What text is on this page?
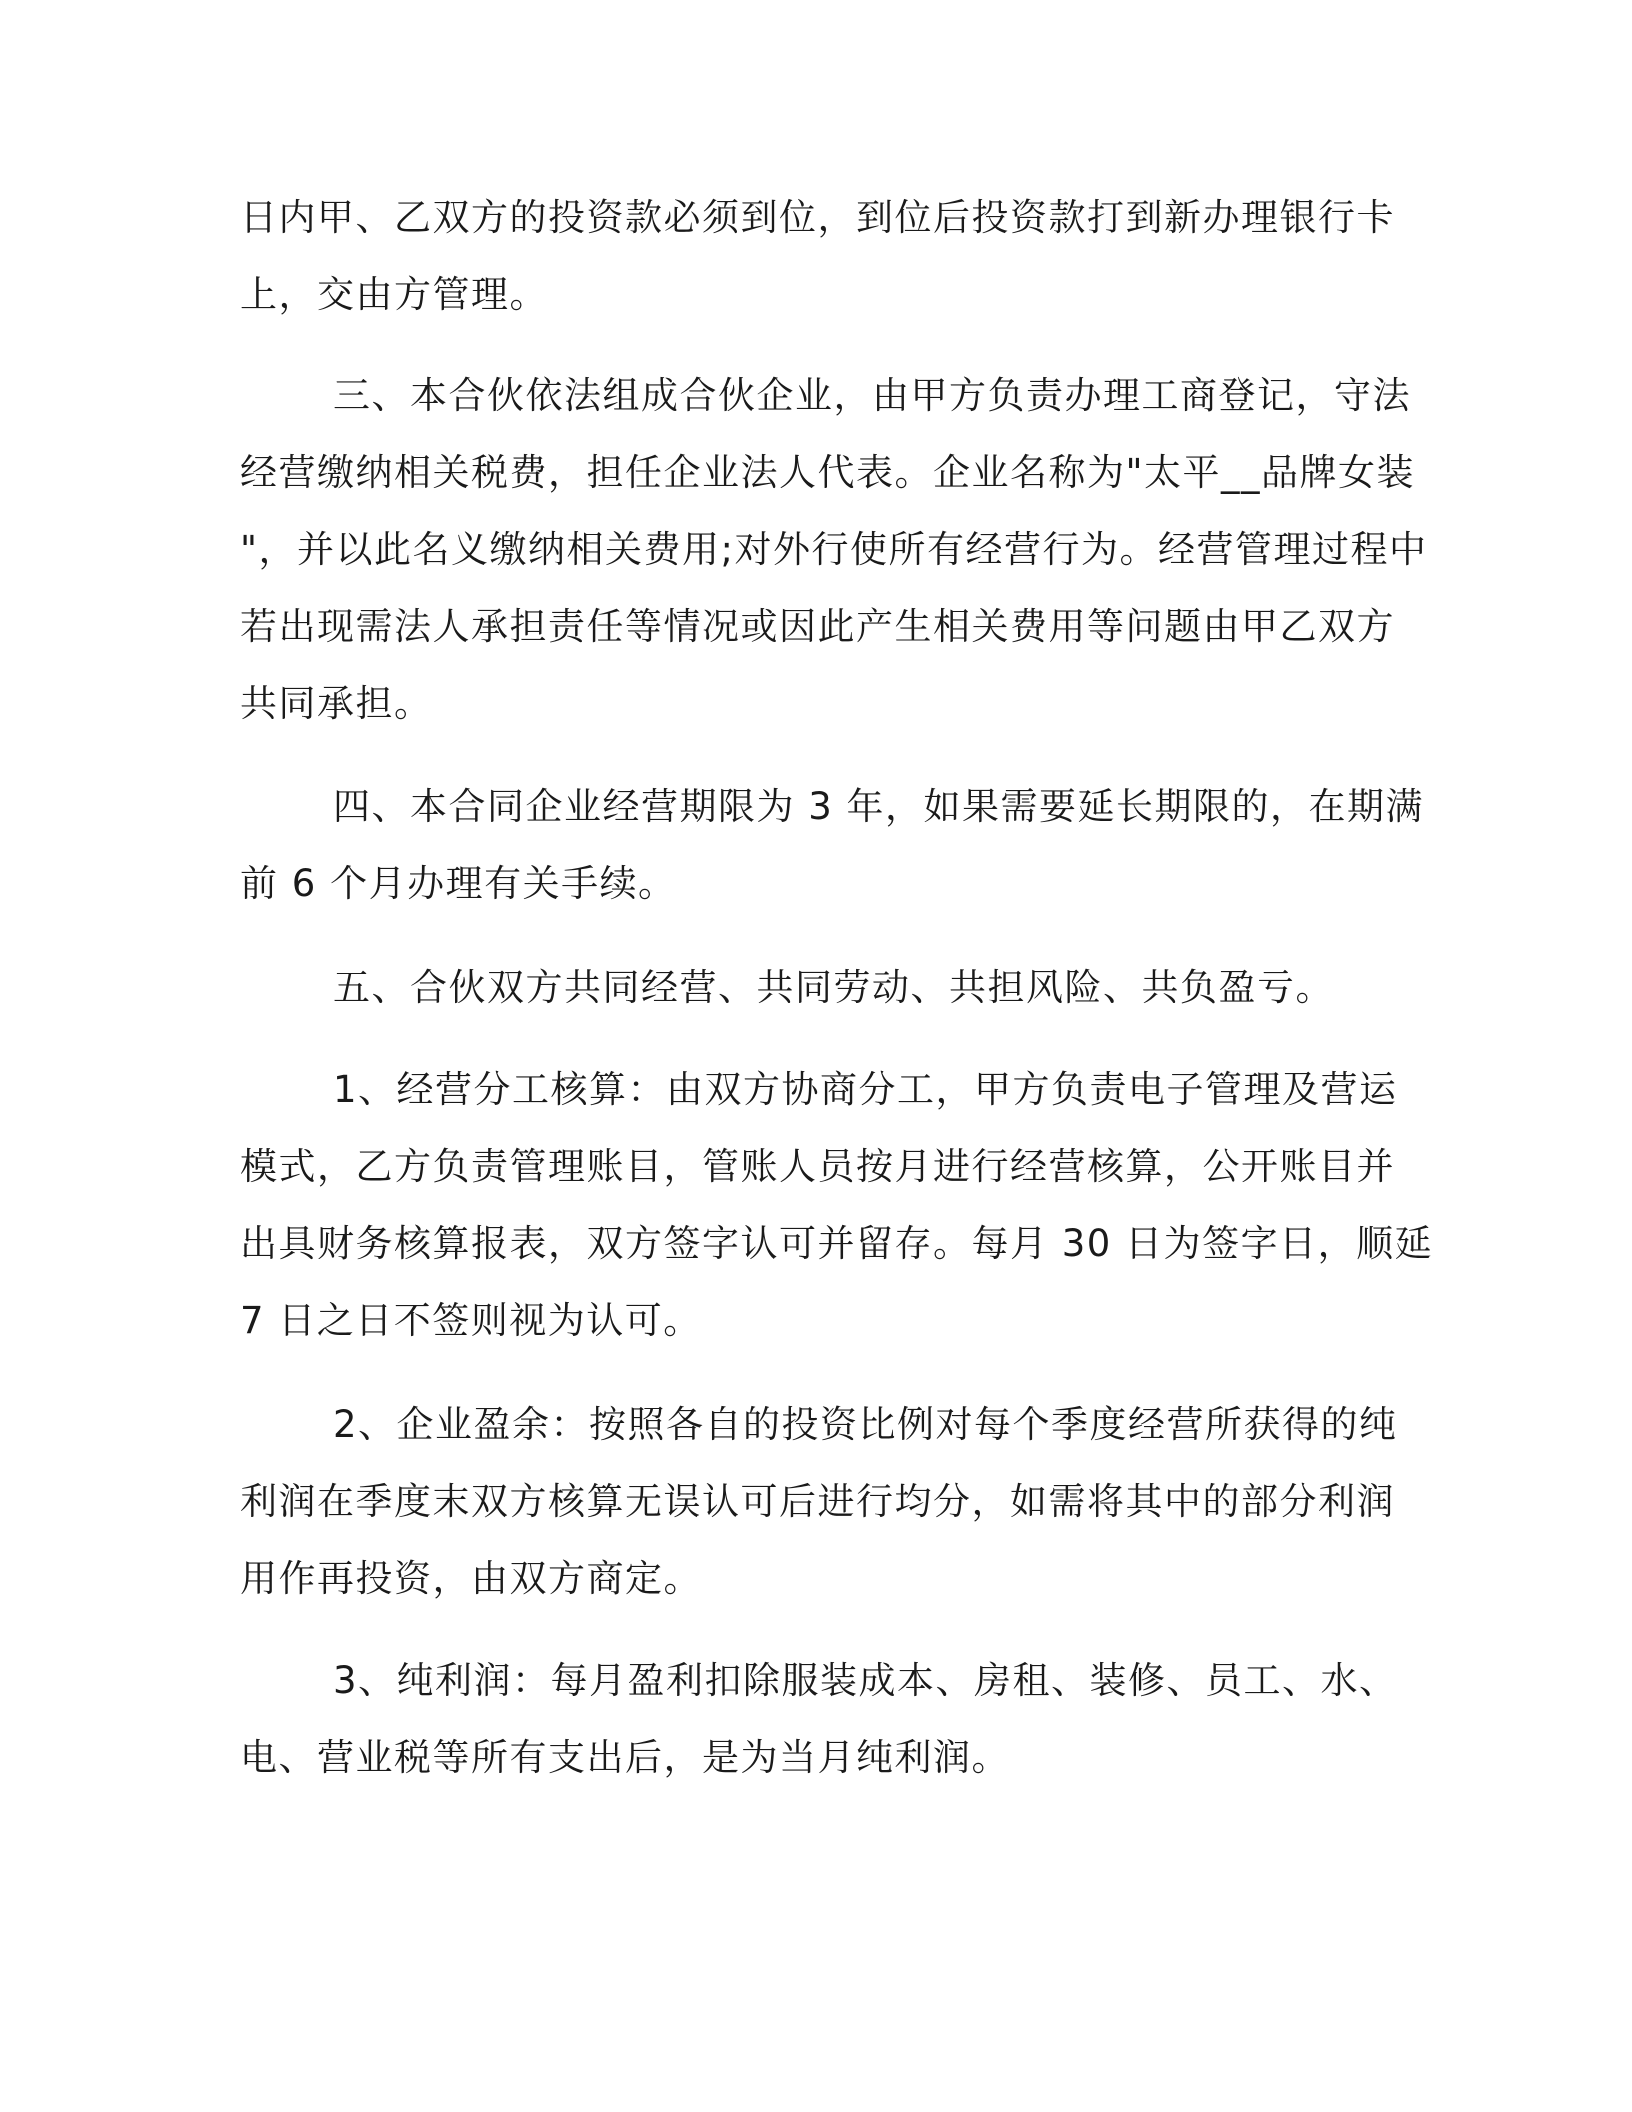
日内甲、乙双方的投资款必须到位，到位后投资款打到新办理银行卡
上，交由方管理。
三、本合伙依法组成合伙企业，由甲方负责办理工商登记，守法
经营缴纳相关税费，担任企业法人代表。企业名称为"太平__品牌女装
"，并以此名义缴纳相关费用;对外行使所有经营行为。经营管理过程中
若出现需法人承担责任等情况或因此产生相关费用等问题由甲乙双方
共同承担。
四、本合同企业经营期限为 3 年，如果需要延长期限的，在期满
前 6 个月办理有关手续。
五、合伙双方共同经营、共同劳动、共担风险、共负盈亏。
1、经营分工核算：由双方协商分工，甲方负责电子管理及营运
模式，乙方负责管理账目，管账人员按月进行经营核算，公开账目并
出具财务核算报表，双方签字认可并留存。每月 30 日为签字日，顺延
7 日之日不签则视为认可。
2、企业盈余：按照各自的投资比例对每个季度经营所获得的纯
利润在季度末双方核算无误认可后进行均分，如需将其中的部分利润
用作再投资，由双方商定。
3、纯利润：每月盈利扣除服装成本、房租、装修、员工、水、
电、营业税等所有支出后，是为当月纯利润。
